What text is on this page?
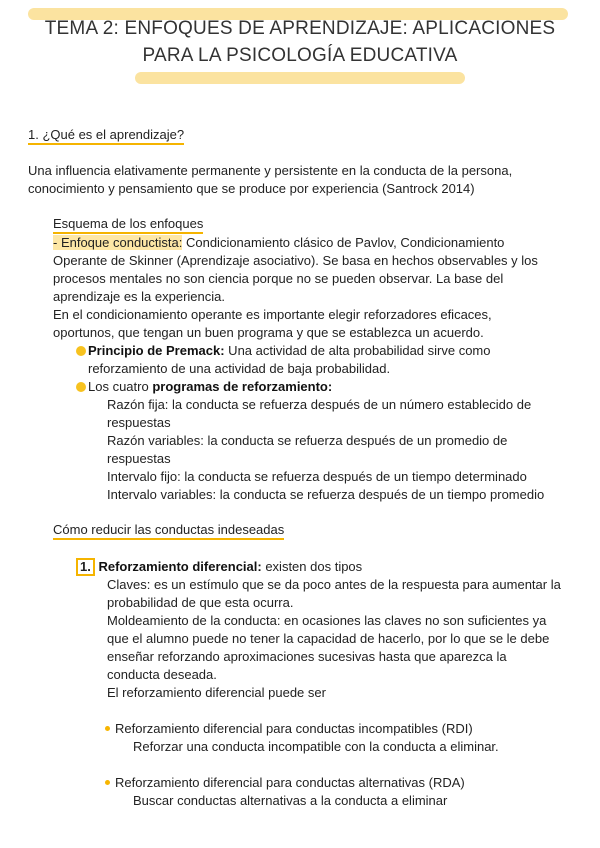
TEMA 2: ENFOQUES DE APRENDIZAJE: APLICACIONES
PARA LA PSICOLOGÍA EDUCATIVA
1. ¿Qué es el aprendizaje?
Una influencia elativamente permanente y persistente en la conducta de la persona,
conocimiento y pensamiento que se produce por experiencia (Santrock 2014)
Esquema de los enfoques
- Enfoque conductista: Condicionamiento clásico de Pavlov, Condicionamiento
Operante de Skinner (Aprendizaje asociativo). Se basa en hechos observables y los
procesos mentales no son ciencia porque no se pueden observar. La base del
aprendizaje es la experiencia.
En el condicionamiento operante es importante elegir reforzadores eficaces,
oportunos, que tengan un buen programa y que se establezca un acuerdo.
Principio de Premack: Una actividad de alta probabilidad sirve como
reforzamiento de una actividad de baja probabilidad.
Los cuatro programas de reforzamiento:
Razón fija: la conducta se refuerza después de un número establecido de
respuestas
Razón variables: la conducta se refuerza después de un promedio de
respuestas
Intervalo fijo: la conducta se refuerza después de un tiempo determinado
Intervalo variables: la conducta se refuerza después de un tiempo promedio
Cómo reducir las conductas indeseadas
1. Reforzamiento diferencial: existen dos tipos
Claves: es un estímulo que se da poco antes de la respuesta para aumentar la
probabilidad de que esta ocurra.
Moldeamiento de la conducta: en ocasiones las claves no son suficientes ya
que el alumno puede no tener la capacidad de hacerlo, por lo que se le debe
enseñar reforzando aproximaciones sucesivas hasta que aparezca la
conducta deseada.
El reforzamiento diferencial puede ser
Reforzamiento diferencial para conductas incompatibles (RDI)
Reforzar una conducta incompatible con la conducta a eliminar.
Reforzamiento diferencial para conductas alternativas (RDA)
Buscar conductas alternativas a la conducta a eliminar
